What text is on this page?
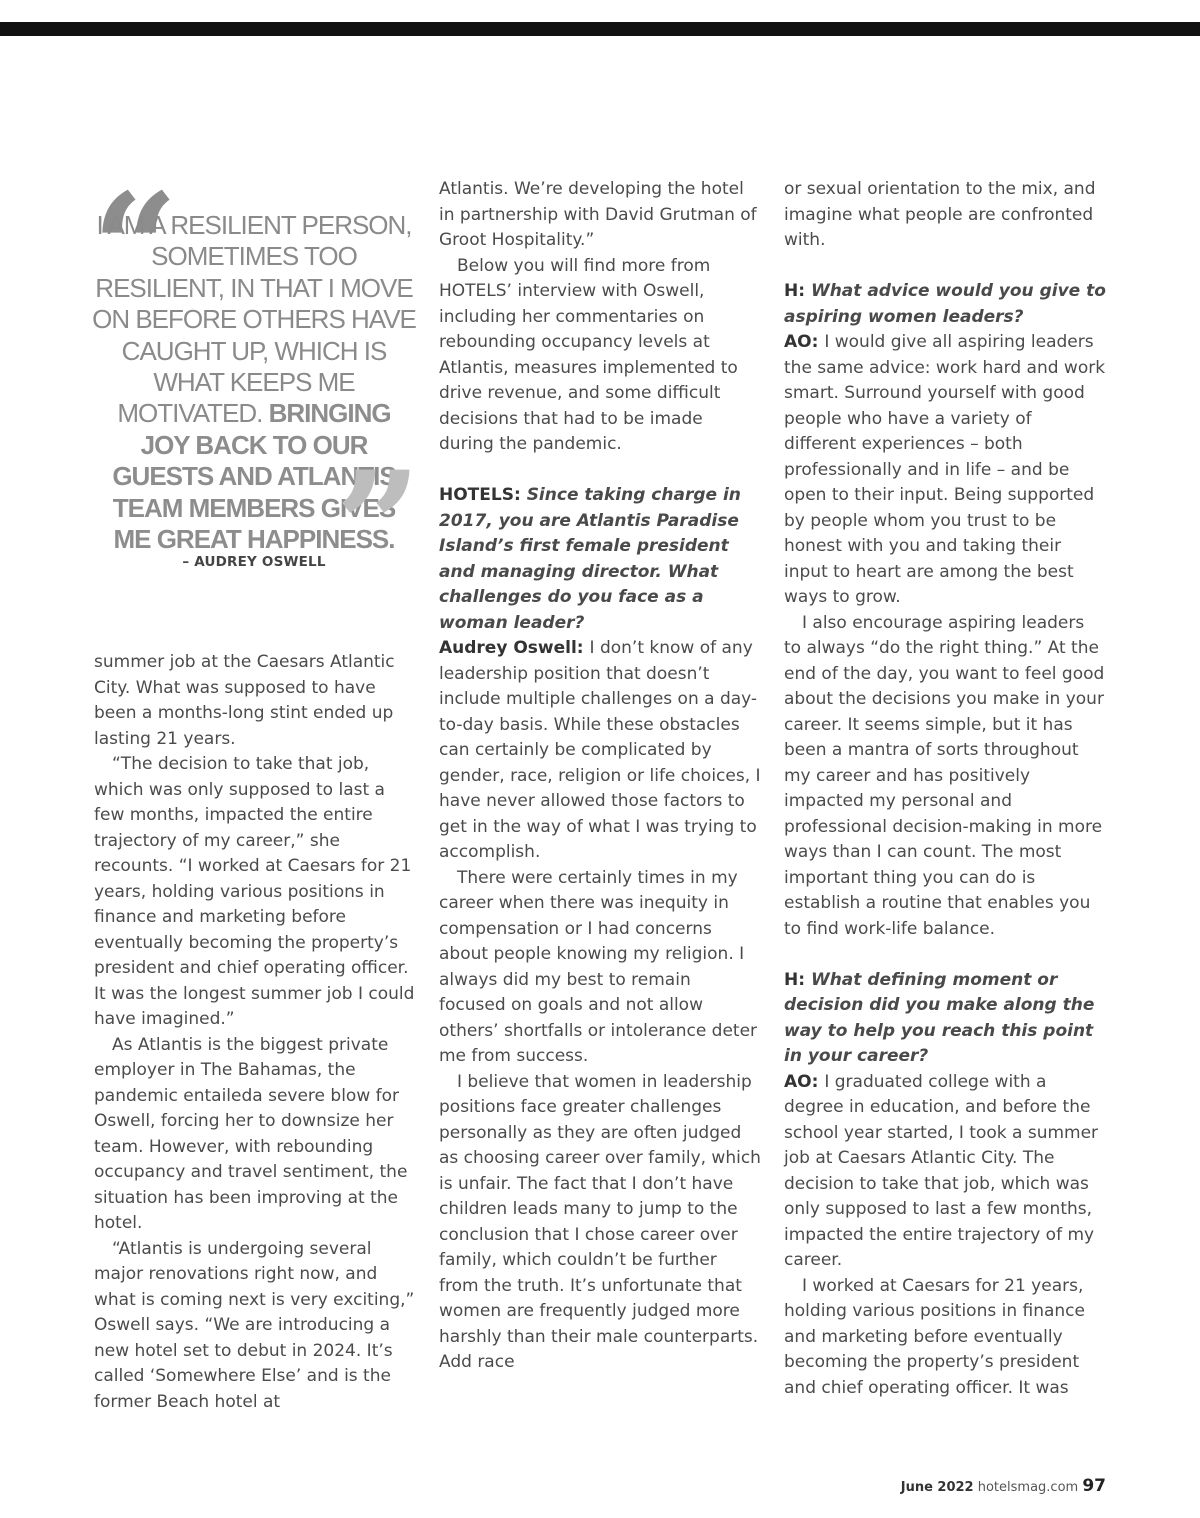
“
I AM A RESILIENT PERSON, SOMETIMES TOO RESILIENT, IN THAT I MOVE ON BEFORE OTHERS HAVE CAUGHT UP, WHICH IS WHAT KEEPS ME MOTIVATED. BRINGING JOY BACK TO OUR GUESTS AND ATLANTIS TEAM MEMBERS GIVES ME GREAT HAPPINESS.
”
– AUDREY OSWELL

summer job at the Caesars Atlantic City. What was supposed to have been a months-long stint ended up lasting 21 years.

“The decision to take that job, which was only supposed to last a few months, impacted the entire trajectory of my career,” she recounts. “I worked at Caesars for 21 years, holding various positions in finance and marketing before eventually becoming the property’s president and chief operating officer. It was the longest summer job I could have imagined.”

As Atlantis is the biggest private employer in The Bahamas, the pandemic entaileda severe blow for Oswell, forcing her to downsize her team. However, with rebounding occupancy and travel sentiment, the situation has been improving at the hotel.

“Atlantis is undergoing several major renovations right now, and what is coming next is very exciting,” Oswell says. “We are introducing a new hotel set to debut in 2024. It’s called ‘Somewhere Else’ and is the former Beach hotel at

Atlantis. We’re developing the hotel in partnership with David Grutman of Groot Hospitality.”

Below you will find more from HOTELS’ interview with Oswell, including her commentaries on rebounding occupancy levels at Atlantis, measures implemented to drive revenue, and some difficult decisions that had to be imade during the pandemic.

HOTELS: Since taking charge in 2017, you are Atlantis Paradise Island’s first female president and managing director. What challenges do you face as a woman leader?

Audrey Oswell: I don’t know of any leadership position that doesn’t include multiple challenges on a day-to-day basis. While these obstacles can certainly be complicated by gender, race, religion or life choices, I have never allowed those factors to get in the way of what I was trying to accomplish.

There were certainly times in my career when there was inequity in compensation or I had concerns about people knowing my religion. I always did my best to remain focused on goals and not allow others’ shortfalls or intolerance deter me from success.

I believe that women in leadership positions face greater challenges personally as they are often judged as choosing career over family, which is unfair. The fact that I don’t have children leads many to jump to the conclusion that I chose career over family, which couldn’t be further from the truth. It’s unfortunate that women are frequently judged more harshly than their male counterparts. Add race

or sexual orientation to the mix, and imagine what people are confronted with.

H: What advice would you give to aspiring women leaders?

AO: I would give all aspiring leaders the same advice: work hard and work smart. Surround yourself with good people who have a variety of different experiences – both professionally and in life – and be open to their input. Being supported by people whom you trust to be honest with you and taking their input to heart are among the best ways to grow.

I also encourage aspiring leaders to always “do the right thing.” At the end of the day, you want to feel good about the decisions you make in your career. It seems simple, but it has been a mantra of sorts throughout my career and has positively impacted my personal and professional decision-making in more ways than I can count. The most important thing you can do is establish a routine that enables you to find work-life balance.

H: What defining moment or decision did you make along the way to help you reach this point in your career?

AO: I graduated college with a degree in education, and before the school year started, I took a summer job at Caesars Atlantic City. The decision to take that job, which was only supposed to last a few months, impacted the entire trajectory of my career.

I worked at Caesars for 21 years, holding various positions in finance and marketing before eventually becoming the property’s president and chief operating officer. It was

June 2022 hotelsmag.com 97
